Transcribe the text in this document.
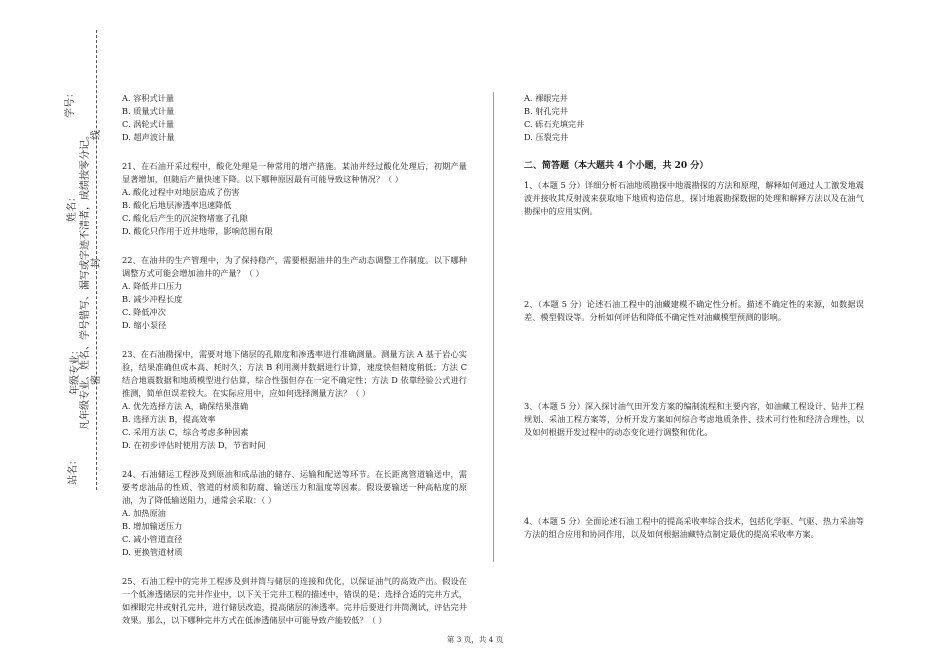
学号：
姓名：
年级专业：
站名：
凡年级专业、姓名、学号错写、漏写或字迹不清者，成绩按零分记。 线
封
密
A. 容积式计量
B. 质量式计量
C. 涡轮式计量
D. 超声波计量

21、在石油开采过程中，酸化处理是一种常用的增产措施。某油井经过酸化处理后，初期产量显著增加，但随后产量快速下降。以下哪种原因最有可能导致这种情况？（ ）

A. 酸化过程中对地层造成了伤害
B. 酸化后地层渗透率迅速降低
C. 酸化后产生的沉淀物堵塞了孔隙
D. 酸化只作用于近井地带，影响范围有限

22、在油井的生产管理中，为了保持稳产，需要根据油井的生产动态调整工作制度。以下哪种调整方式可能会增加油井的产量？（ ）

A. 降低井口压力
B. 减少冲程长度
C. 降低冲次
D. 缩小泵径

23、在石油勘探中，需要对地下储层的孔隙度和渗透率进行准确测量。测量方法 A 基于岩心实验，结果准确但成本高、耗时久；方法 B 利用测井数据进行计算，速度快但精度稍低；方法 C 结合地震数据和地质模型进行估算，综合性强但存在一定不确定性；方法 D 依靠经验公式进行推测，简单但误差较大。在实际应用中，应如何选择测量方法？（ ）

A. 优先选择方法 A，确保结果准确
B. 选择方法 B，提高效率
C. 采用方法 C，综合考虑多种因素
D. 在初步评估时使用方法 D，节省时间

24、石油储运工程涉及到原油和成品油的储存、运输和配送等环节。在长距离管道输送中，需要考虑油品的性质、管道的材质和防腐、输送压力和温度等因素。假设要输送一种高粘度的原油，为了降低输送阻力，通常会采取：（ ）

A. 加热原油
B. 增加输送压力
C. 减小管道直径
D. 更换管道材质

25、石油工程中的完井工程涉及到井筒与储层的连接和优化，以保证油气的高效产出。假设在一个低渗透储层的完井作业中，以下关于完井工程的描述中，错误的是：选择合适的完井方式，如裸眼完井或射孔完井，进行储层改造，提高储层的渗透率。完井后要进行井筒测试，评估完井效果。那么，以下哪种完井方式在低渗透储层中可能导致产能较低？（ ）

A. 裸眼完井
B. 射孔完井
C. 砾石充填完井
D. 压裂完井
二、简答题（本大题共 4 个小题，共 20 分）

1、（本题 5 分）详细分析石油地质勘探中地震勘探的方法和原理，解释如何通过人工激发地震波并接收其反射波来获取地下地质构造信息，探讨地震勘探数据的处理和解释方法以及在油气勘探中的应用实例。

2、（本题 5 分）论述石油工程中的油藏建模不确定性分析。描述不确定性的来源，如数据误差、模型假设等。分析如何评估和降低不确定性对油藏模型预测的影响。

3、（本题 5 分）深入探讨油气田开发方案的编制流程和主要内容，如油藏工程设计、钻井工程规划、采油工程方案等，分析开发方案如何综合考虑地质条件、技术可行性和经济合理性，以及如何根据开发过程中的动态变化进行调整和优化。

4、（本题 5 分）全面论述石油工程中的提高采收率综合技术，包括化学驱、气驱、热力采油等方法的组合应用和协同作用，以及如何根据油藏特点制定最优的提高采收率方案。

第 3 页，共 4 页
